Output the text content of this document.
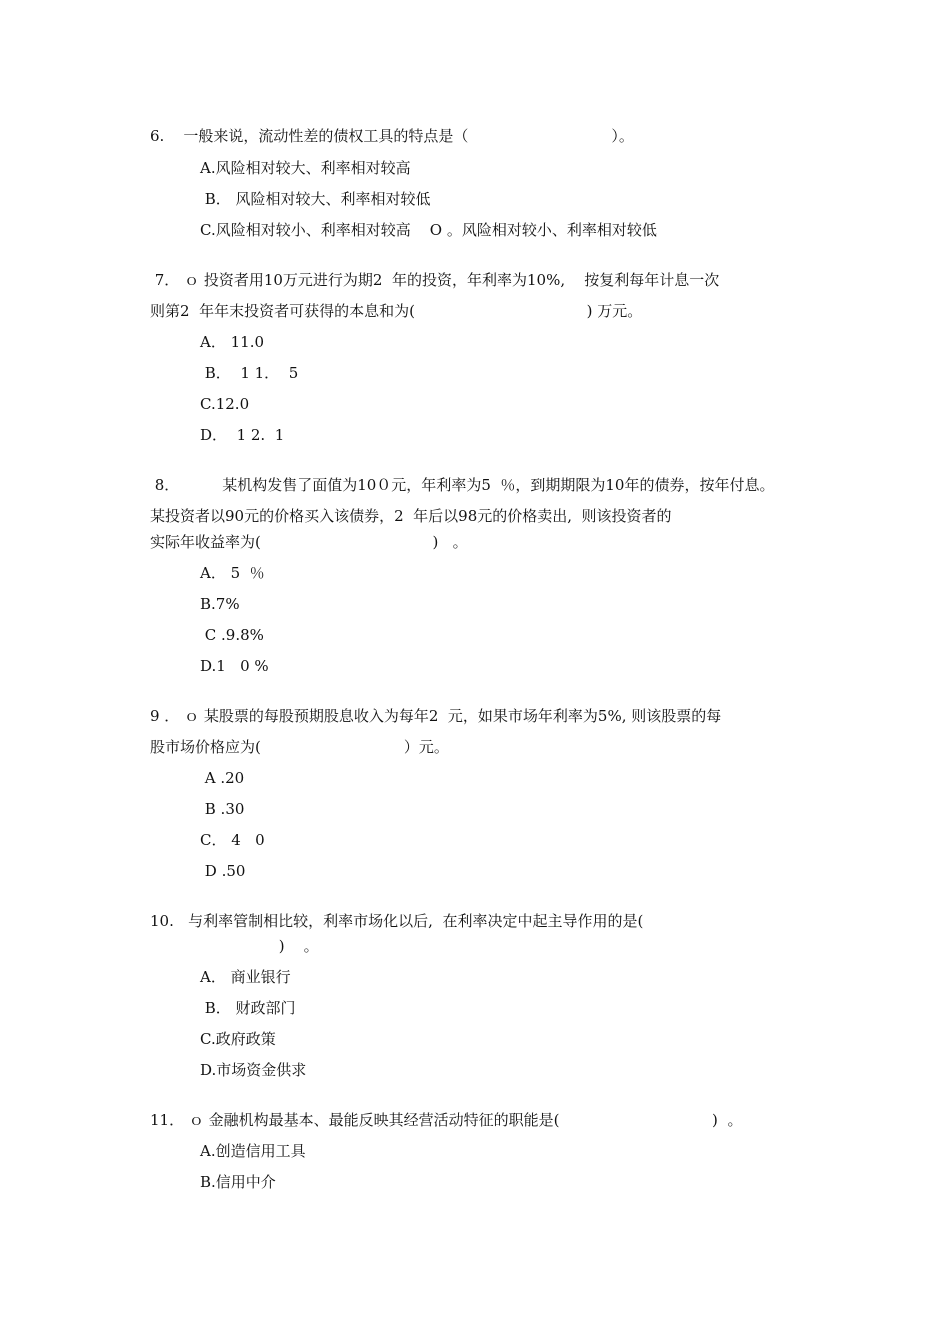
6.    一般来说，流动性差的债权工具的特点是（                              ）。
A.风险相对较大、利率相对较高
B． 风险相对较大、利率相对较低
C.风险相对较小、利率相对较高    O 。风险相对较小、利率相对较低
7． ｏ 投资者用10万元进行为期2  年的投资，年利率为10%,    按复利每年计息一次
则第2  年年末投资者可获得的本息和为(                                    ) 万元。
A． 11.0
B．  1 1．  5
C.12.0
D．  1 2.  1
8．         某机构发售了面值为10０元，年利率为5  ％，到期期限为10年的债券，按年付息。
某投资者以90元的价格买入该债券，2  年后以98元的价格卖出,  则该投资者的
实际年收益率为(                                    )   。
A． 5  ％
B.7%
C .9.8%
D.1   0 %
9 ． ｏ 某股票的每股预期股息收入为每年2  元，如果市场年利率为5%, 则该股票的每
股市场价格应为(                              ）元。
A .20
B .30
C． 4   0
D .50
10.   与利率管制相比较，利率市场化以后,  在利率决定中起主导作用的是(
)    。
A． 商业银行
B． 财政部门
C.政府政策
D.市场资金供求
11． ｏ 金融机构最基本、最能反映其经营活动特征的职能是(                                )  。
A.创造信用工具
B.信用中介
